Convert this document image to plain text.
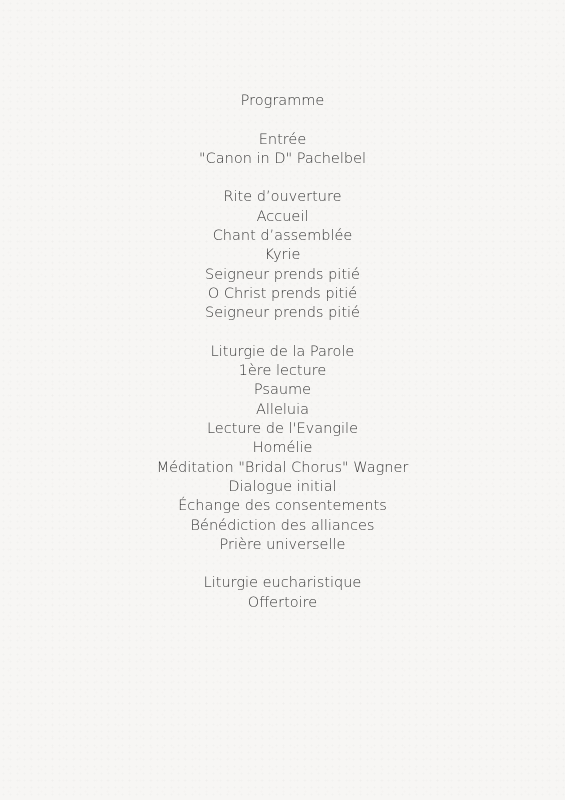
Programme
Entrée
"Canon in D" Pachelbel
Rite d’ouverture
Accueil
Chant d’assemblée
Kyrie
Seigneur prends pitié
O Christ prends pitié
Seigneur prends pitié
Liturgie de la Parole
1ère lecture
Psaume
Alleluia
Lecture de l'Evangile
Homélie
Méditation "Bridal Chorus" Wagner
Dialogue initial
Échange des consentements
Bénédiction des alliances
Prière universelle
Liturgie eucharistique
Offertoire
